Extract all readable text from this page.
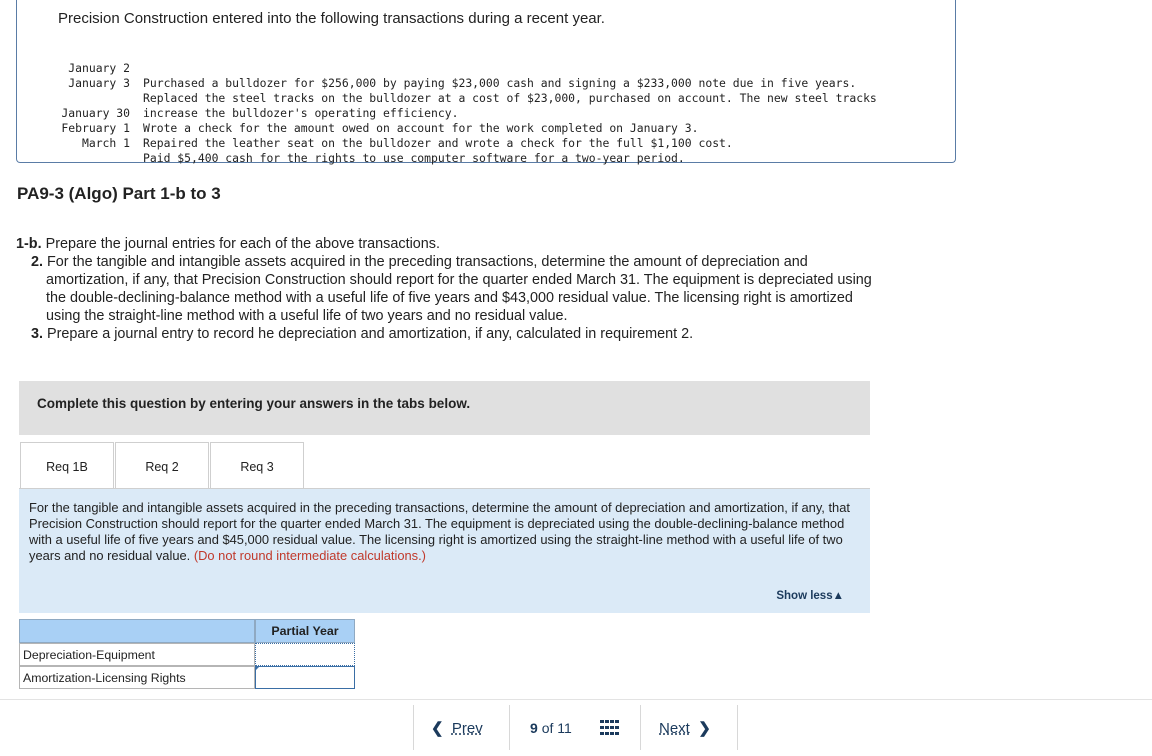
Precision Construction entered into the following transactions during a recent year.

January 2

Purchased a bulldozer for $256,000 by paying $23,000 cash and signing a $233,000 note due in five years.

January 3

Replaced the steel tracks on the bulldozer at a cost of $23,000, purchased on account. The new steel tracks

increase the bulldozer's operating efficiency.

January 30

Wrote a check for the amount owed on account for the work completed on January 3.

February 1

Repaired the leather seat on the bulldozer and wrote a check for the full $1,100 cost.

March 1

Paid $5,400 cash for the rights to use computer software for a two-year period.

PA9-3 (Algo) Part 1-b to 3
1-b. Prepare the journal entries for each of the above transactions.
2. For the tangible and intangible assets acquired in the preceding transactions, determine the amount of depreciation and
amortization, if any, that Precision Construction should report for the quarter ended March 31. The equipment is depreciated using
the double-declining-balance method with a useful life of five years and $43,000 residual value. The licensing right is amortized
using the straight-line method with a useful life of two years and no residual value.
3. Prepare a journal entry to record he depreciation and amortization, if any, calculated in requirement 2.
Complete this question by entering your answers in the tabs below.
Req 1B	Req 2	Req 3
For the tangible and intangible assets acquired in the preceding transactions, determine the amount of depreciation and amortization, if any, that Precision Construction should report for the quarter ended March 31. The equipment is depreciated using the double-declining-balance method with a useful life of five years and $45,000 residual value. The licensing right is amortized using the straight-line method with a useful life of two years and no residual value. (Do not round intermediate calculations.)
Show less▲
Partial Year
Depreciation-Equipment
Amortization-Licensing Rights
❮ Prev	9 of 11	Next ❯
